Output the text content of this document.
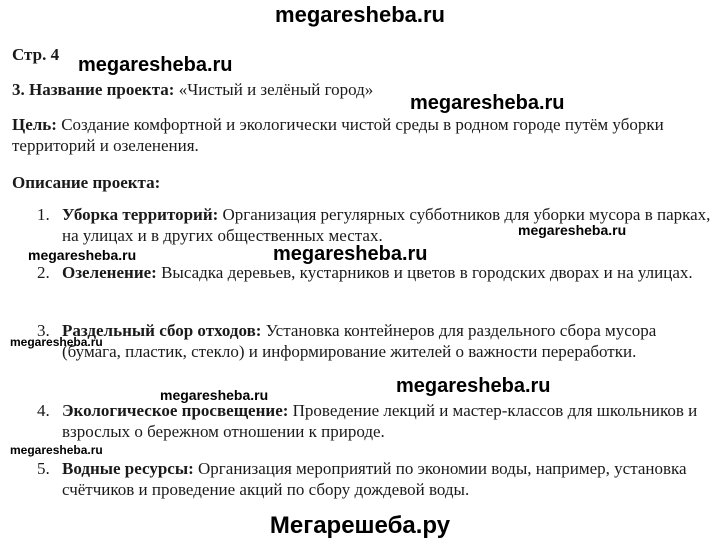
megaresheba.ru
Стр. 4
3. Название проекта: «Чистый и зелёный город»
Цель: Создание комфортной и экологически чистой среды в родном городе путём уборки территорий и озеленения.
Описание проекта:
1. Уборка территорий: Организация регулярных субботников для уборки мусора в парках, на улицах и в других общественных местах.
2. Озеленение: Высадка деревьев, кустарников и цветов в городских дворах и на улицах.
3. Раздельный сбор отходов: Установка контейнеров для раздельного сбора мусора (бумага, пластик, стекло) и информирование жителей о важности переработки.
4. Экологическое просвещение: Проведение лекций и мастер-классов для школьников и взрослых о бережном отношении к природе.
5. Водные ресурсы: Организация мероприятий по экономии воды, например, установка счётчиков и проведение акций по сбору дождевой воды.
megaresheba.ru
megaresheba.ru
megaresheba.ru
megaresheba.ru
megaresheba.ru
megaresheba.ru
megaresheba.ru	megaresheba.ru
megaresheba.ru
Мегарешеба.ру
